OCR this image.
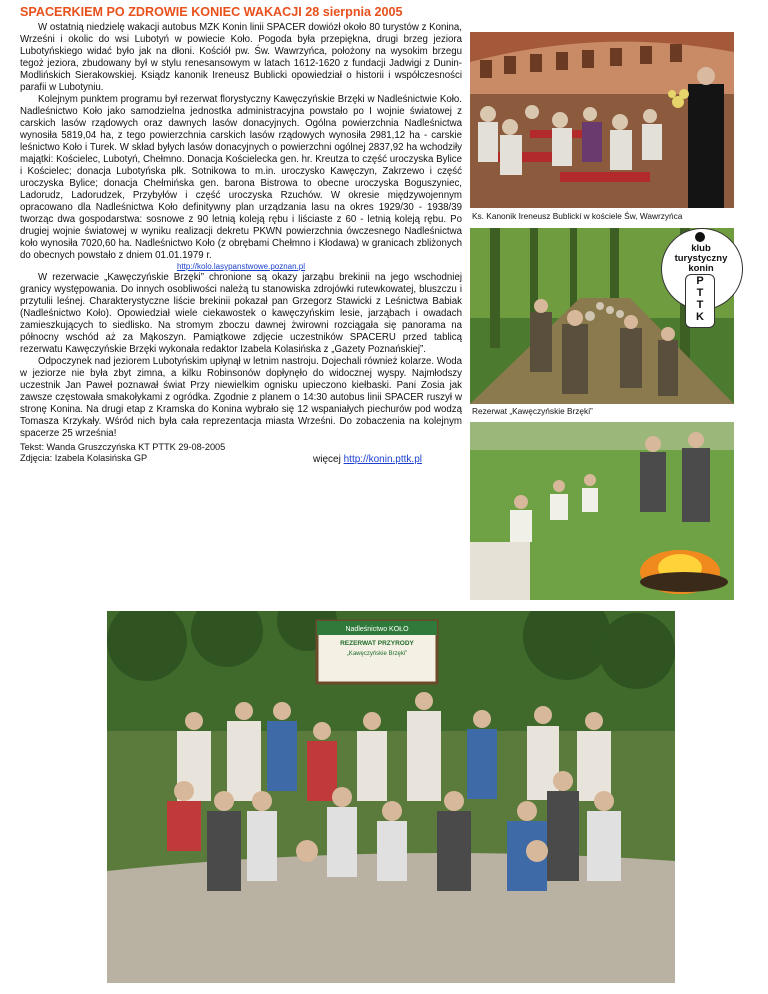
SPACERKIEM PO ZDROWIE KONIEC WAKACJI 28 sierpnia 2005

W ostatnią niedzielę wakacji autobus MZK Konin linii SPACER dowiózł około 80 turystów z Konina, Wrześni i okolic do wsi Lubotyń w powiecie Koło. Pogoda była przepiękna, drugi brzeg jeziora Lubotyńskiego widać było jak na dłoni. Kościół pw. Św. Wawrzyńca, położony na wysokim brzegu tegoż jeziora, zbudowany był w stylu renesansowym w latach 1612-1620 z fundacji Jadwigi z Dunin-Modlińskich Sierakowskiej. Ksiądz kanonik Ireneusz Bublicki opowiedział o historii i współczesności parafii w Lubotyniu.

Kolejnym punktem programu był rezerwat florystyczny Kawęczyńskie Brzęki w Nadleśnictwie Koło. Nadleśnictwo Koło jako samodzielna jednostka administracyjna powstało po I wojnie światowej z carskich lasów rządowych oraz dawnych lasów donacyjnych. Ogólna powierzchnia Nadleśnictwa wynosiła 5819,04 ha, z tego powierzchnia carskich lasów rządowych wynosiła 2981,12 ha - carskie leśnictwo Koło i Turek. W skład byłych lasów donacyjnych o powierzchni ogólnej 2837,92 ha wchodziły majątki: Kościelec, Lubotyń, Chełmno. Donacja Kościelecka gen. hr. Kreutza to część uroczyska Bylice i Kościelec; donacja Lubotyńska płk. Sotnikowa to m.in. uroczysko Kawęczyn, Zakrzewo i część uroczyska Bylice; donacja Chełmińska gen. barona Bistrowa to obecne uroczyska Boguszyniec, Ladorudz, Ladorudzek, Przybyłów i część uroczyska Rzuchów. W okresie międzywojennym opracowano dla Nadleśnictwa Koło definitywny plan urządzania lasu na okres 1929/30 - 1938/39 tworząc dwa gospodarstwa: sosnowe z 90 letnią koleją rębu i liściaste z 60 - letnią koleją rębu. Po drugiej wojnie światowej w wyniku realizacji dekretu PKWN powierzchnia ówczesnego Nadleśnictwa koło wynosiła 7020,60 ha. Nadleśnictwo Koło (z obrębami Chełmno i Kłodawa) w granicach zbliżonych do obecnych powstało z dniem 01.01.1979 r.

http://kolo.lasypanstwowe.poznan.pl

W rezerwacie „Kawęczyńskie Brzęki” chronione są okazy jarząbu brekinii na jego wschodniej granicy występowania. Do innych osobliwości należą tu stanowiska zdrojówki rutewkowatej, bluszczu i przytulii leśnej. Charakterystyczne liście brekinii pokazał pan Grzegorz Stawicki z Leśnictwa Babiak (Nadleśnictwo Koło). Opowiedział wiele ciekawostek o kawęczyńskim lesie, jarząbach i owadach zamieszkujących to siedlisko. Na stromym zboczu dawnej żwirowni rozciągała się panorama na północny wschód aż za Mąkoszyn. Pamiątkowe zdjęcie uczestników SPACERU przed tablicą rezerwatu Kawęczyńskie Brzęki wykonała redaktor Izabela Kolasińska z „Gazety Poznańskiej”.

Odpoczynek nad jeziorem Lubotyńskim upłynął w letnim nastroju. Dojechali również kolarze. Woda w jeziorze nie była zbyt zimna, a kilku Robinsonów dopłynęło do widocznej wyspy. Najmłodszy uczestnik Jan Paweł poznawał świat Przy niewielkim ognisku upieczono kiełbaski. Pani Zosia jak zawsze częstowała smakołykami z ogródka. Zgodnie z planem o 14:30 autobus linii SPACER ruszył w stronę Konina. Na drugi etap z Kramska do Konina wybrało się 12 wspaniałych piechurów pod wodzą Tomasza Krzykały. Wśród nich była cała reprezentacja miasta Wrześni. Do zobaczenia na kolejnym spacerze 25 września!

Tekst: Wanda Gruszczyńska KT PTTK 29-08-2005
Zdjęcia: Izabela Kolasińska GP	więcej http://konin.pttk.pl
Ks. Kanonik Ireneusz Bublicki w kościele Św, Wawrzyńca
klub
turystyczny
konin
PTTK
Rezerwat „Kawęczyńskie Brzęki”
Nadleśnictwo KOŁO
REZERWAT PRZYRODY
„Kawęczyńskie Brzęki”
